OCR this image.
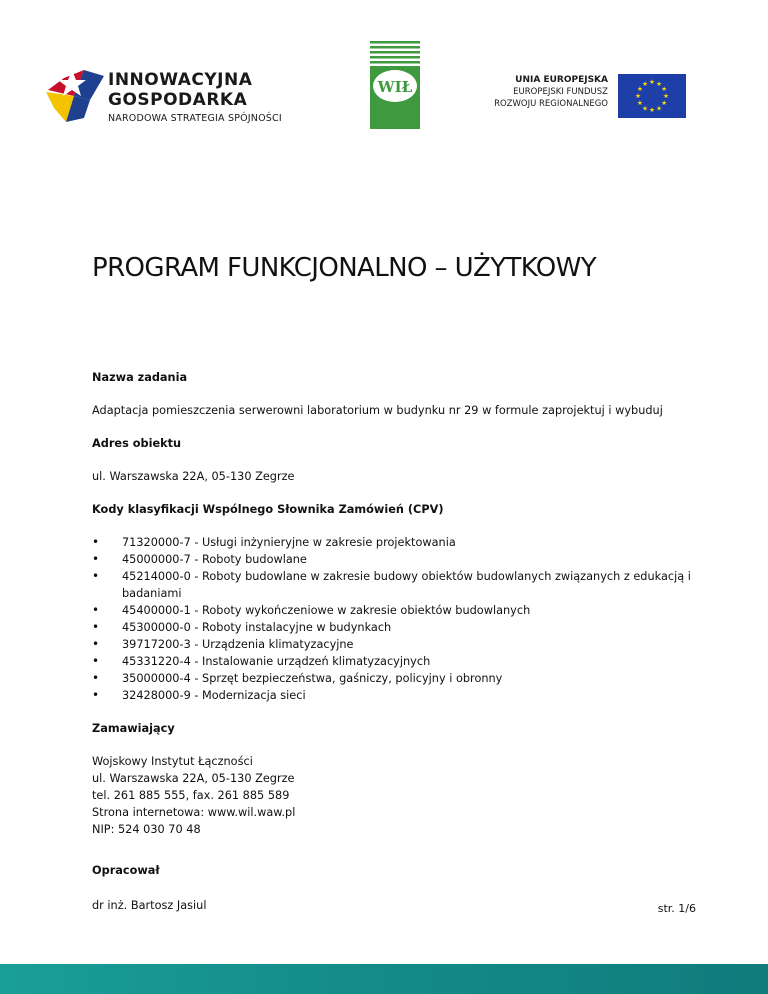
INNOWACYJNA
GOSPODARKA
NARODOWA STRATEGIA SPÓJNOŚCI
WIŁ	UNIA EUROPEJSKA
EUROPEJSKI FUNDUSZ
ROZWOJU REGIONALNEGO
★ ★
★
★
★
★
★
★
★
★
★
★
PROGRAM FUNKCJONALNO – UŻYTKOWY

Nazwa zadania

Adaptacja pomieszczenia serwerowni laboratorium w budynku nr 29 w formule zaprojektuj i wybuduj

Adres obiektu

ul. Warszawska 22A, 05-130 Zegrze

Kody klasyfikacji Wspólnego Słownika Zamówień (CPV)

• 71320000-7 - Usługi inżynieryjne w zakresie projektowania
• 45000000-7 - Roboty budowlane
• 45214000-0 - Roboty budowlane w zakresie budowy obiektów budowlanych związanych z edukacją i badaniami
• 45400000-1 - Roboty wykończeniowe w zakresie obiektów budowlanych
• 45300000-0 - Roboty instalacyjne w budynkach
• 39717200-3 - Urządzenia klimatyzacyjne
• 45331220-4 - Instalowanie urządzeń klimatyzacyjnych
• 35000000-4 - Sprzęt bezpieczeństwa, gaśniczy, policyjny i obronny
• 32428000-9 - Modernizacja sieci

Zamawiający

Wojskowy Instytut Łączności

ul. Warszawska 22A, 05-130 Zegrze

tel. 261 885 555, fax. 261 885 589

Strona internetowa: www.wil.waw.pl

NIP: 524 030 70 48

Opracował

dr inż. Bartosz Jasiul	str. 1/6
